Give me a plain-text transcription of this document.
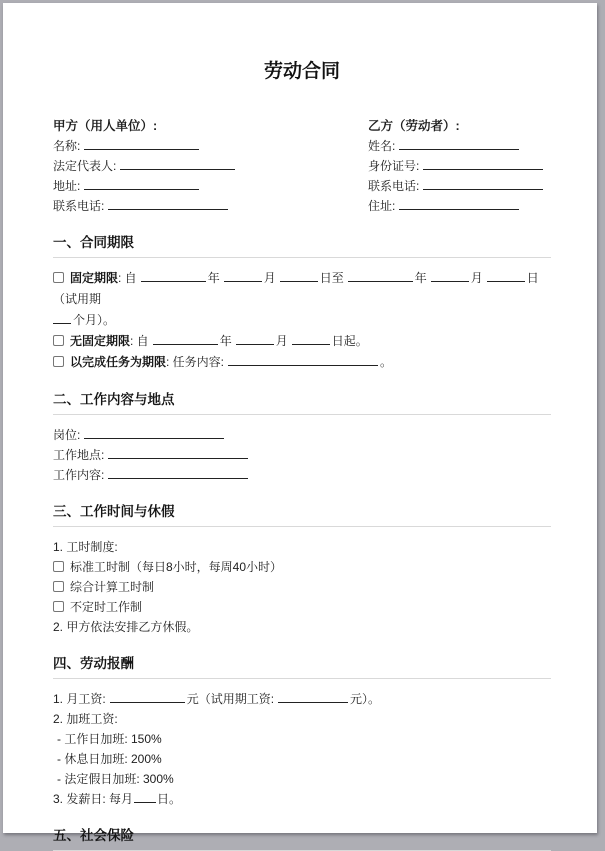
劳动合同
甲方（用人单位）:
名称:
法定代表人:
地址:
联系电话:
乙方（劳动者）:
姓名:
身份证号:
联系电话:
住址:
一、合同期限
固定期限: 自	年	月	日至	年	月	日（试用期
个月）。
无固定期限: 自	年	月	日起。
以完成任务为期限: 任务内容:	。
二、工作内容与地点
岗位:
工作地点:
工作内容:
三、工作时间与休假
1. 工时制度:
标准工时制（每日8小时，每周40小时）
综合计算工时制
不定时工作制
2. 甲方依法安排乙方休假。
四、劳动报酬
1. 月工资:	元（试用期工资:	元）。
2. 加班工资:
- 工作日加班: 150%
- 休息日加班: 200%
- 法定假日加班: 300%
3. 发薪日: 每月 日。
五、社会保险
